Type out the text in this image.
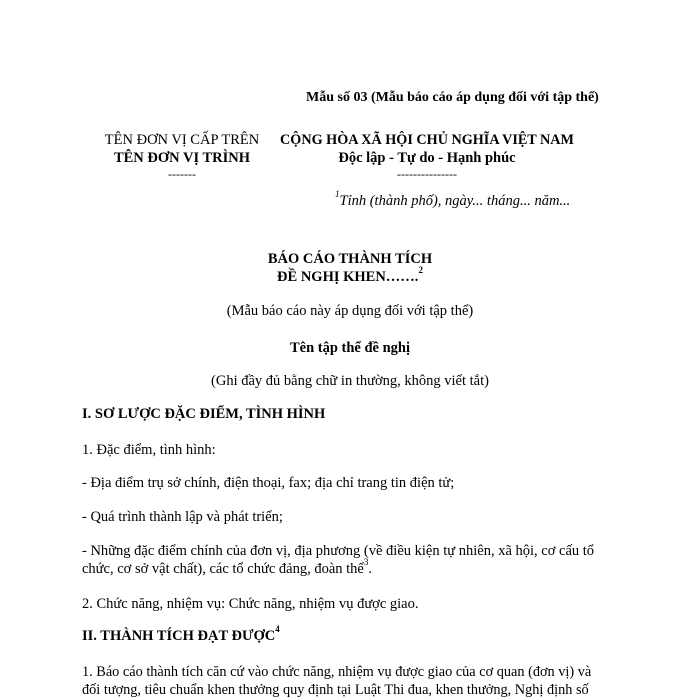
Mẫu số 03 (Mẫu báo cáo áp dụng đối với tập thể)
TÊN ĐƠN VỊ CẤP TRÊN
TÊN ĐƠN VỊ TRÌNH
-------
CỘNG HÒA XÃ HỘI CHỦ NGHĨA VIỆT NAM
Độc lập - Tự do - Hạnh phúc
---------------
$^1$Tỉnh (thành phố), ngày... tháng... năm...
BÁO CÁO THÀNH TÍCH
ĐỀ NGHỊ KHEN…….$^2$
(Mẫu báo cáo này áp dụng đối với tập thể)
Tên tập thể đề nghị
(Ghi đầy đủ bằng chữ in thường, không viết tắt)
I. SƠ LƯỢC ĐẶC ĐIỂM, TÌNH HÌNH
1. Đặc điểm, tình hình:
- Địa điểm trụ sở chính, điện thoại, fax; địa chỉ trang tin điện tử;
- Quá trình thành lập và phát triển;
- Những đặc điểm chính của đơn vị, địa phương (về điều kiện tự nhiên, xã hội, cơ cấu tổ
chức, cơ sở vật chất), các tổ chức đảng, đoàn thể$^3$.
2. Chức năng, nhiệm vụ: Chức năng, nhiệm vụ được giao.
II. THÀNH TÍCH ĐẠT ĐƯỢC$^4$
1. Báo cáo thành tích căn cứ vào chức năng, nhiệm vụ được giao của cơ quan (đơn vị) và
đối tượng, tiêu chuẩn khen thưởng quy định tại Luật Thi đua, khen thưởng, Nghị định số
